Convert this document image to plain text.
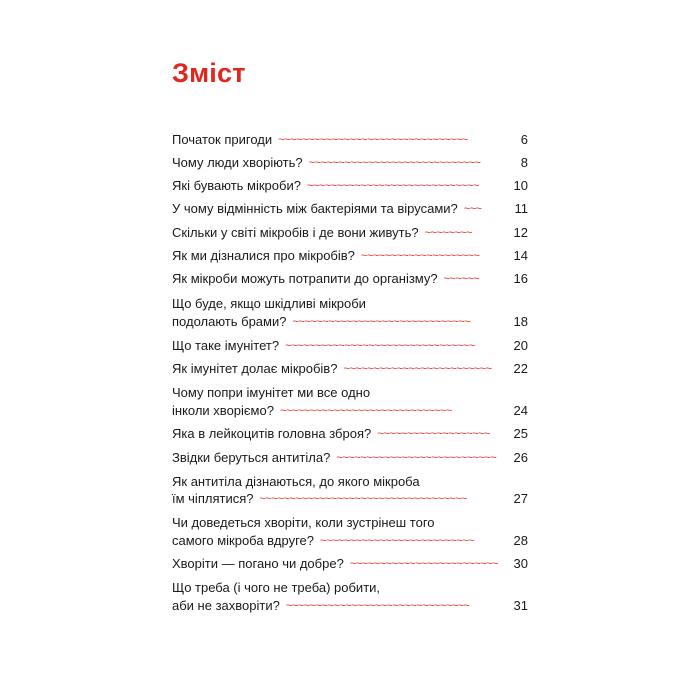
Зміст
Початок пригоди ~~~~~~~~~~~~~~~~~~~~~~~~~~~~~~~~	6
Чому люди хворіють? ~~~~~~~~~~~~~~~~~~~~~~~~~~~~~	8
Які бувають мікроби? ~~~~~~~~~~~~~~~~~~~~~~~~~~~~~	10
У чому відмінність між бактеріями та вірусами? ~~~	11
Скільки у світі мікробів і де вони живуть? ~~~~~~~~	12
Як ми дізналися про мікробів? ~~~~~~~~~~~~~~~~~~~~	14
Як мікроби можуть потрапити до організму? ~~~~~~	16
Що буде, якщо шкідливі мікроби
подолають брами? ~~~~~~~~~~~~~~~~~~~~~~~~~~~~~~	18
Що таке імунітет? ~~~~~~~~~~~~~~~~~~~~~~~~~~~~~~~~	20
Як імунітет долає мікробів? ~~~~~~~~~~~~~~~~~~~~~~~~~ 22
Чому попри імунітет ми все одно
інколи хворіємо? ~~~~~~~~~~~~~~~~~~~~~~~~~~~~~	24
Яка в лейкоцитів головна зброя? ~~~~~~~~~~~~~~~~~~~ 25
Звідки беруться антитіла? ~~~~~~~~~~~~~~~~~~~~~~~~~~~ 26
Як антитіла дізнаються, до якого мікроба
їм чіплятися? ~~~~~~~~~~~~~~~~~~~~~~~~~~~~~~~~~~~	27
Чи доведеться хворіти, коли зустрінеш того
самого мікроба вдруге? ~~~~~~~~~~~~~~~~~~~~~~~~~~	28
Хворіти — погано чи добре? ~~~~~~~~~~~~~~~~~~~~~~~~~ 30
Що треба (і чого не треба) робити,
аби не захворіти? ~~~~~~~~~~~~~~~~~~~~~~~~~~~~~~~	31
